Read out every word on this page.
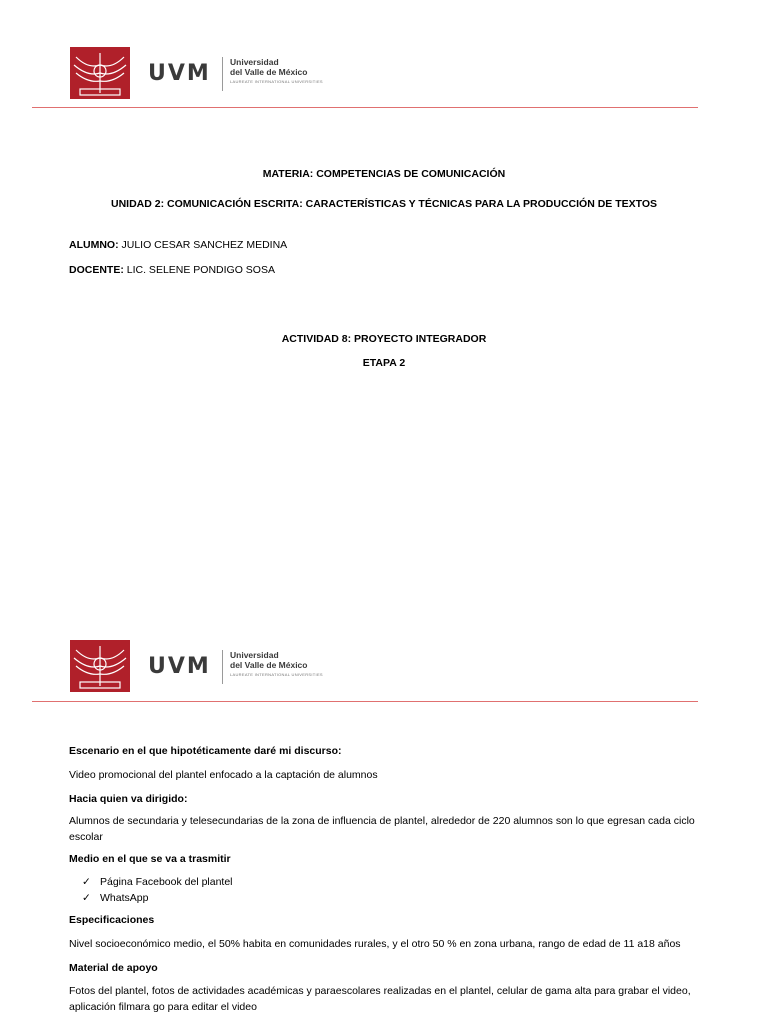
UVM Universidad
del Valle de México
LAUREATE INTERNATIONAL UNIVERSITIES
MATERIA: COMPETENCIAS DE COMUNICACIÓN
UNIDAD 2: COMUNICACIÓN ESCRITA: CARACTERÍSTICAS Y TÉCNICAS PARA LA PRODUCCIÓN DE TEXTOS
ALUMNO: JULIO CESAR SANCHEZ MEDINA
DOCENTE: LIC. SELENE PONDIGO SOSA
ACTIVIDAD 8: PROYECTO INTEGRADOR
ETAPA 2
UVM Universidad
del Valle de México
LAUREATE INTERNATIONAL UNIVERSITIES
Escenario en el que hipotéticamente daré mi discurso:
Video promocional del plantel enfocado a la captación de alumnos
Hacia quien va dirigido:
Alumnos de secundaria y telesecundarias de la zona de influencia de plantel, alrededor de 220 alumnos son lo que egresan cada ciclo
escolar
Medio en el que se va a trasmitir
✓ Página Facebook del plantel
✓ WhatsApp
Especificaciones
Nivel socioeconómico medio, el 50% habita en comunidades rurales, y el otro 50 % en zona urbana, rango de edad de 11 a18 años
Material de apoyo
Fotos del plantel, fotos de actividades académicas y paraescolares realizadas en el plantel, celular de gama alta para grabar el video,
aplicación filmara go para editar el video
